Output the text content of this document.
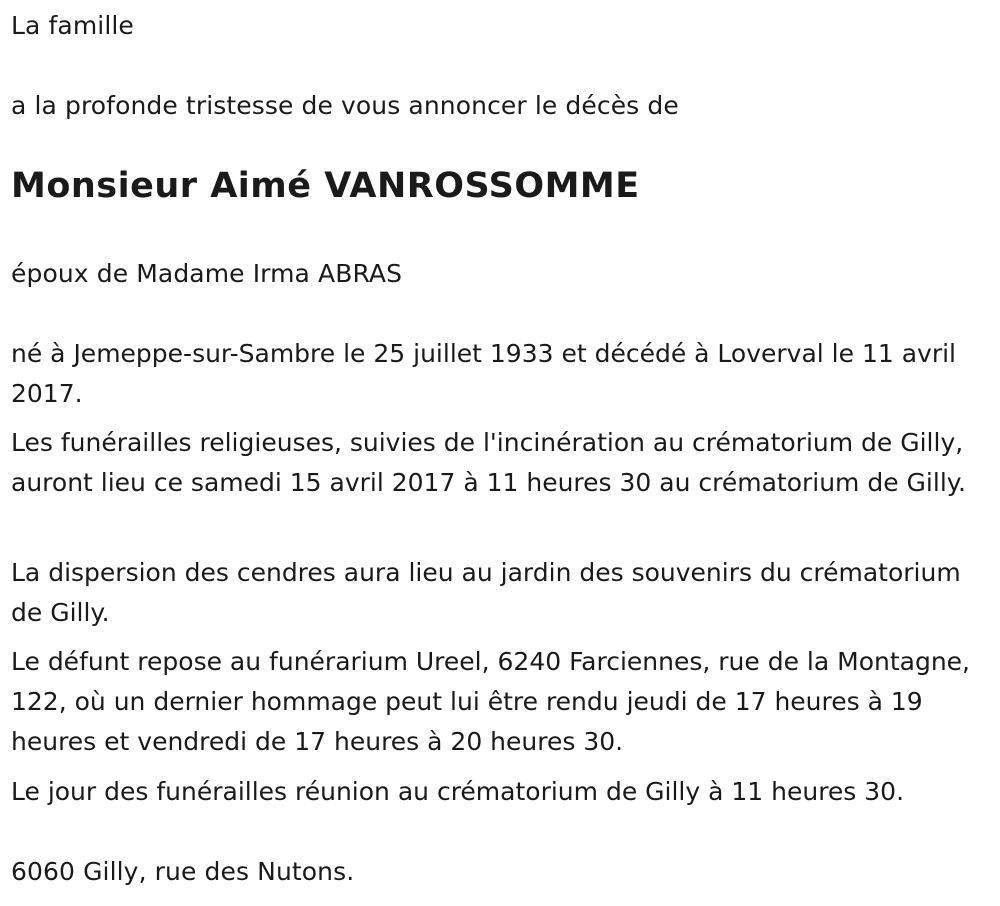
La famille

a la profonde tristesse de vous annoncer le décès de

Monsieur Aimé VANROSSOMME

époux de Madame Irma ABRAS

né à Jemeppe-sur-Sambre le 25 juillet 1933 et décédé à Loverval le 11 avril 2017.

Les funérailles religieuses, suivies de l'incinération au crématorium de Gilly, auront lieu ce samedi 15 avril 2017 à 11 heures 30 au crématorium de Gilly.

La dispersion des cendres aura lieu au jardin des souvenirs du crématorium de Gilly.

Le défunt repose au funérarium Ureel, 6240 Farciennes, rue de la Montagne, 122, où un dernier hommage peut lui être rendu jeudi de 17 heures à 19 heures et vendredi de 17 heures à 20 heures 30.

Le jour des funérailles réunion au crématorium de Gilly à 11 heures 30.

6060 Gilly, rue des Nutons.
